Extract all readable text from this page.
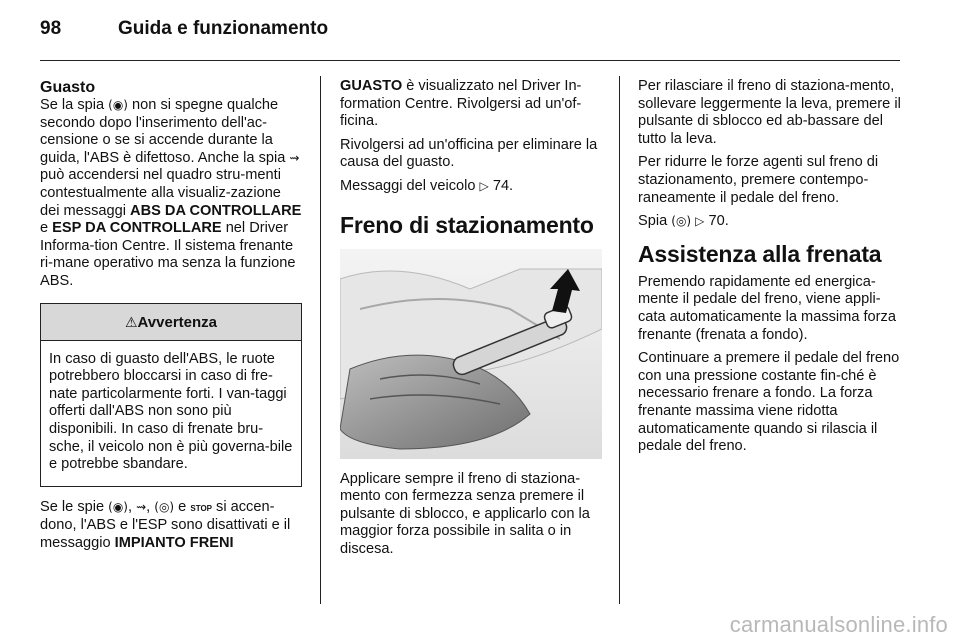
98	Guida e funzionamento
Guasto

Se la spia (◉) non si spegne qualche secondo dopo l'inserimento dell'ac-censione o se si accende durante la guida, l'ABS è difettoso. Anche la spia ⇝ può accendersi nel quadro stru-menti contestualmente alla visualiz-zazione dei messaggi ABS DA CONTROLLARE e ESP DA CONTROLLARE nel Driver Informa-tion Centre. Il sistema frenante ri-mane operativo ma senza la funzione ABS.

⚠Avvertenza
In caso di guasto dell'ABS, le ruote potrebbero bloccarsi in caso di fre-nate particolarmente forti. I van-taggi offerti dall'ABS non sono più disponibili. In caso di frenate bru-sche, il veicolo non è più governa-bile e potrebbe sbandare.

Se le spie (◉), ⇝, (◎) e STOP si accen-dono, l'ABS e l'ESP sono disattivati e il messaggio IMPIANTO FRENI

GUASTO è visualizzato nel Driver In-formation Centre. Rivolgersi ad un'of-ficina.

Rivolgersi ad un'officina per eliminare la causa del guasto.

Messaggi del veicolo ▷ 74.

Freno di stazionamento

Applicare sempre il freno di staziona-mento con fermezza senza premere il pulsante di sblocco, e applicarlo con la maggior forza possibile in salita o in discesa.

Per rilasciare il freno di staziona-mento, sollevare leggermente la leva, premere il pulsante di sblocco ed ab-bassare del tutto la leva.

Per ridurre le forze agenti sul freno di stazionamento, premere contempo-raneamente il pedale del freno.

Spia (◎) ▷ 70.

Assistenza alla frenata

Premendo rapidamente ed energica-mente il pedale del freno, viene appli-cata automaticamente la massima forza frenante (frenata a fondo).

Continuare a premere il pedale del freno con una pressione costante fin-ché è necessario frenare a fondo. La forza frenante massima viene ridotta automaticamente quando si rilascia il pedale del freno.

carmanualsonline.info
